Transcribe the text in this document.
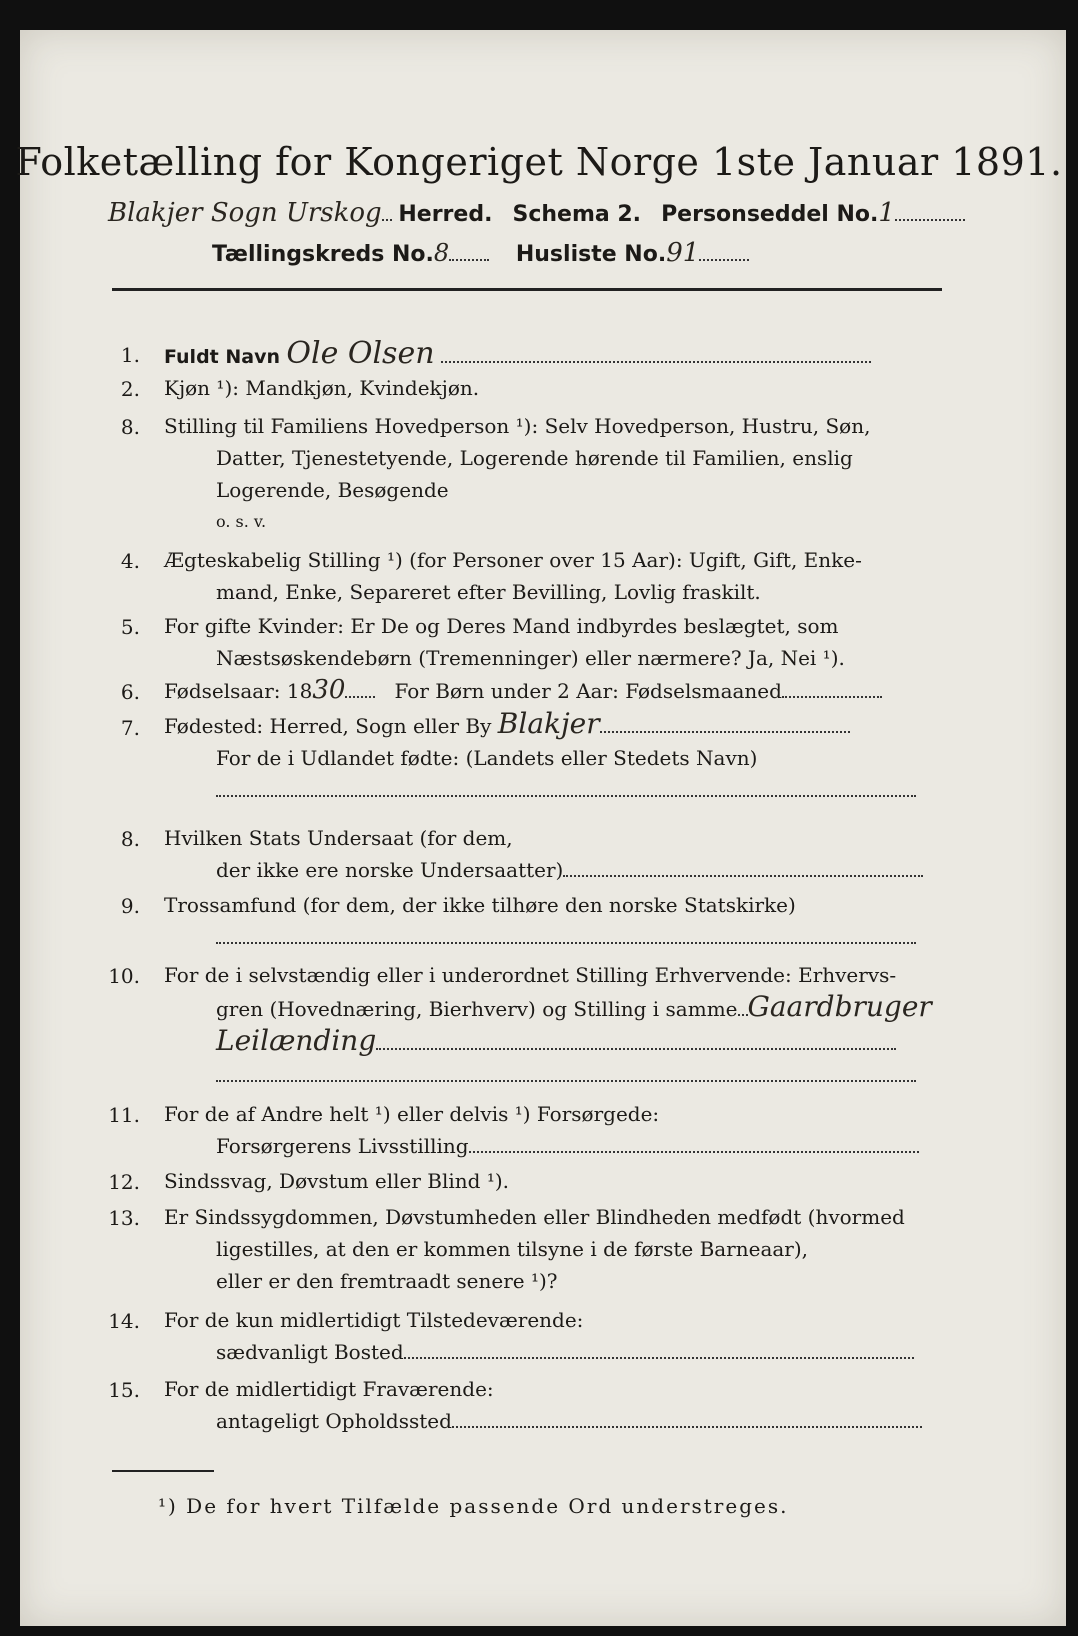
Folketælling for Kongeriget Norge 1ste Januar 1891.
Blakjer Sogn Urskog Herred. Schema 2. Personseddel No.1
Tællingskreds No.8	Husliste No.91
1. Fuldt Navn Ole Olsen
2. Kjøn ¹): Mandkjøn, Kvindekjøn.
8. Stilling til Familiens Hovedperson ¹): Selv Hovedperson, Hustru, Søn,
Datter, Tjenestetyende, Logerende hørende til Familien, enslig
Logerende, Besøgende
o. s. v.
4. Ægteskabelig Stilling ¹) (for Personer over 15 Aar): Ugift, Gift, Enke-
mand, Enke, Separeret efter Bevilling, Lovlig fraskilt.
5. For gifte Kvinder: Er De og Deres Mand indbyrdes beslægtet, som
Næstsøskendebørn (Tremenninger) eller nærmere? Ja, Nei ¹).
6. Fødselsaar: 1830 For Børn under 2 Aar: Fødselsmaaned
7. Fødested: Herred, Sogn eller By Blakjer
For de i Udlandet fødte: (Landets eller Stedets Navn)
8. Hvilken Stats Undersaat (for dem,
der ikke ere norske Undersaatter)
9. Trossamfund (for dem, der ikke tilhøre den norske Statskirke)
10. For de i selvstændig eller i underordnet Stilling Erhvervende: Erhvervs-
gren (Hovednæring, Bierhverv) og Stilling i samme Gaardbruger
Leilænding
11. For de af Andre helt ¹) eller delvis ¹) Forsørgede:
Forsørgerens Livsstilling
12. Sindssvag, Døvstum eller Blind ¹).
13. Er Sindssygdommen, Døvstumheden eller Blindheden medfødt (hvormed
ligestilles, at den er kommen tilsyne i de første Barneaar),
eller er den fremtraadt senere ¹)?
14. For de kun midlertidigt Tilstedeværende:
sædvanligt Bosted
15. For de midlertidigt Fraværende:
antageligt Opholdssted
¹) De for hvert Tilfælde passende Ord understreges.
